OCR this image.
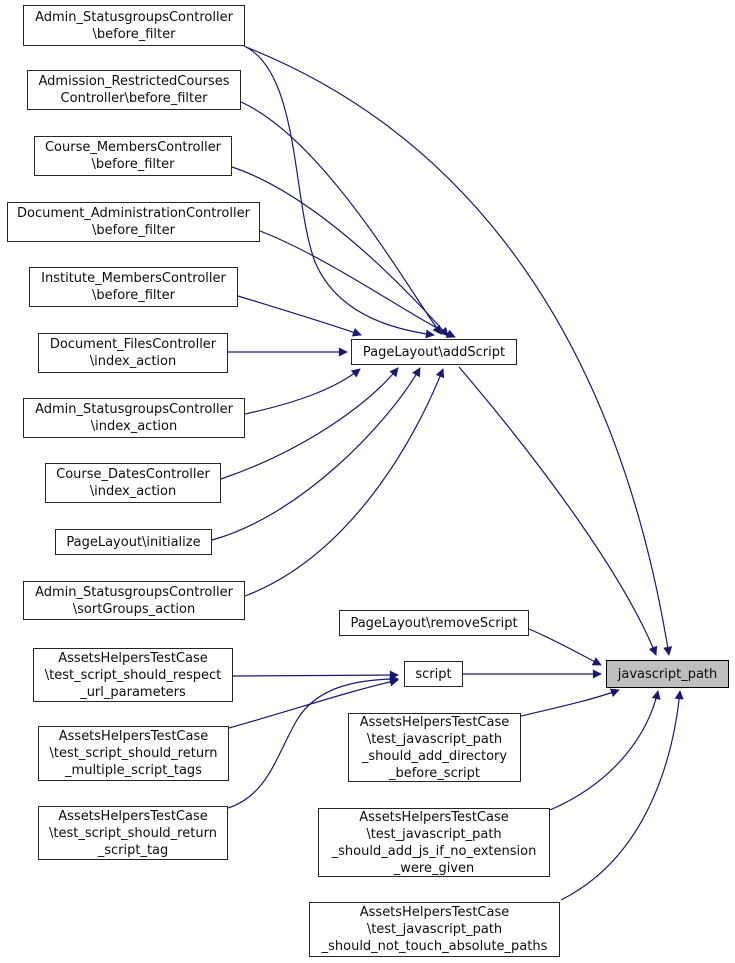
Admin_StatusgroupsController
\before_filter
Admission_RestrictedCourses
Controller\before_filter
Course_MembersController
\before_filter
Document_AdministrationController
\before_filter
Institute_MembersController
\before_filter
Document_FilesController
\index_action
Admin_StatusgroupsController
\index_action
Course_DatesController
\index_action
PageLayout\initialize
Admin_StatusgroupsController
\sortGroups_action
AssetsHelpersTestCase
\test_script_should_respect
_url_parameters
AssetsHelpersTestCase
\test_script_should_return
_multiple_script_tags
AssetsHelpersTestCase
\test_script_should_return
_script_tag
PageLayout\addScript
PageLayout\removeScript
script	javascript_path
AssetsHelpersTestCase
\test_javascript_path
_should_add_directory
_before_script
AssetsHelpersTestCase
\test_javascript_path
_should_add_js_if_no_extension
_were_given
AssetsHelpersTestCase
\test_javascript_path
_should_not_touch_absolute_paths
